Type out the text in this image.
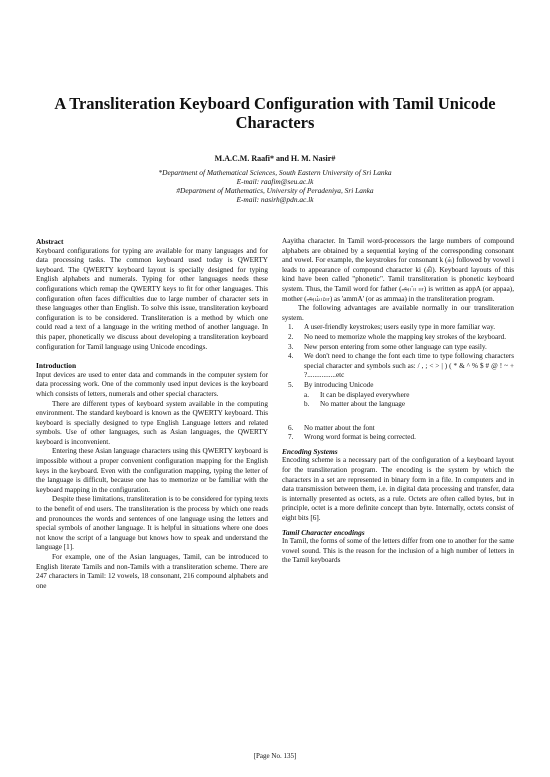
A Transliteration Keyboard Configuration with Tamil Unicode Characters
M.A.C.M. Raafi* and H. M. Nasir#
*Department of Mathematical Sciences, South Eastern University of Sri Lanka
E-mail: raafim@seu.ac.lk
#Department of Mathematics, University of Peradeniya, Sri Lanka
E-mail: nasirh@pdn.ac.lk
Abstract

Keyboard configurations for typing are available for many languages and for data processing tasks. The common keyboard used today is QWERTY keyboard. The QWERTY keyboard layout is specially designed for typing English alphabets and numerals. Typing for other languages needs these configurations which remap the QWERTY keys to fit for other languages. This configuration often faces difficulties due to large number of character sets in these languages other than English. To solve this issue, transliteration keyboard configuration is to be considered. Transliteration is a method by which one could read a text of a language in the writing method of another language. In this paper, phonetically we discuss about developing a transliteration keyboard configuration for Tamil language using Unicode encodings.

Introduction

Input devices are used to enter data and commands in the computer system for data processing work. One of the commonly used input devices is the keyboard which consists of letters, numerals and other special characters.

There are different types of keyboard system available in the computing environment. The standard keyboard is known as the QWERTY keyboard. This keyboard is specially designed to type English Language letters and related symbols. Use of other languages, such as Asian languages, the QWERTY keyboard is inconvenient.

Entering these Asian language characters using this QWERTY keyboard is impossible without a proper convenient configuration mapping for the English keys in the keyboard. Even with the configuration mapping, typing the letter of the language is difficult, because one has to memorize or be familiar with the keyboard mapping in the configuration.

Despite these limitations, transliteration is to be considered for typing texts to the benefit of end users. The transliteration is the process by which one reads and pronounces the words and sentences of one language using the letters and special symbols of another language. It is helpful in situations where one does not know the script of a language but knows how to speak and understand the language [1].

For example, one of the Asian languages, Tamil, can be introduced to English literate Tamils and non-Tamils with a transliteration scheme. There are 247 characters in Tamil: 12 vowels, 18 consonant, 216 compound alphabets and one

Aayitha character. In Tamil word-processors the large numbers of compound alphabets are obtained by a sequential keying of the corresponding consonant and vowel. For example, the keystrokes for consonant k (க்) followed by vowel i leads to appearance of compound character ki (கி). Keyboard layouts of this kind have been called "phonetic". Tamil transliteration is phonetic keyboard system. Thus, the Tamil word for father (அப்பா) is written as appA (or appaa), mother (அம்மா) as 'ammA' (or as ammaa) in the transliteration program.

The following advantages are available normally in our transliteration system.

1. A user-friendly keystrokes; users easily type in more familiar way.
2. No need to memorize whole the mapping key strokes of the keyboard.
3. New person entering from some other language can type easily.
4. We don't need to change the font each time to type following characters special character and symbols such as: / , ; < > | ) ( * & ^ % $ # @ ! ~ + ?................etc
5. By introducing Unicode
a. It can be displayed everywhere
b. No matter about the language
6. No matter about the font
7. Wrong word format is being corrected.
Encoding Systems

Encoding scheme is a necessary part of the configuration of a keyboard layout for the transliteration program. The encoding is the system by which the characters in a set are represented in binary form in a file. In computers and in data transmission between them, i.e. in digital data processing and transfer, data is internally presented as octets, as a rule. Octets are often called bytes, but in principle, octet is a more definite concept than byte. Internally, octets consist of eight bits [6].

Tamil Character encodings

In Tamil, the forms of some of the letters differ from one to another for the same vowel sound. This is the reason for the inclusion of a high number of letters in the Tamil keyboards

[Page No. 135]
